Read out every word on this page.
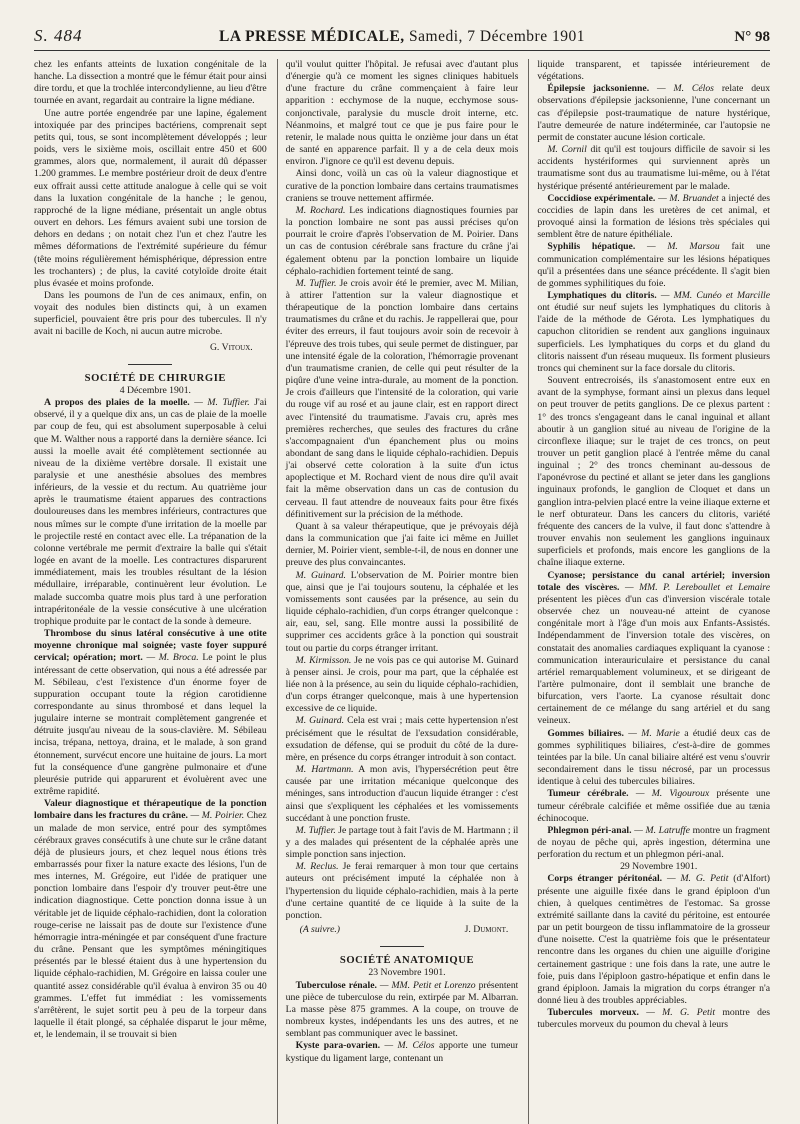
S. 484	LA PRESSE MÉDICALE, Samedi, 7 Décembre 1901	N° 98

chez les enfants atteints de luxation congénitale de la hanche. La dissection a montré que le fémur était pour ainsi dire tordu, et que la trochlée intercondylienne, au lieu d'être tournée en avant, regardait au contraire la ligne médiane.

Une autre portée engendrée par une lapine, également intoxiquée par des principes bactériens, comprenait sept petits qui, tous, se sont incomplètement développés ; leur poids, vers le sixième mois, oscillait entre 450 et 600 grammes, alors que, normalement, il aurait dû dépasser 1.200 grammes. Le membre postérieur droit de deux d'entre eux offrait aussi cette attitude analogue à celle qui se voit dans la luxation congénitale de la hanche ; le genou, rapproché de la ligne médiane, présentait un angle obtus ouvert en dehors. Les fémurs avaient subi une torsion de dehors en dedans ; on notait chez l'un et chez l'autre les mêmes déformations de l'extrémité supérieure du fémur (tête moins régulièrement hémisphérique, dépression entre les trochanters) ; de plus, la cavité cotyloïde droite était plus évasée et moins profonde.

Dans les poumons de l'un de ces animaux, enfin, on voyait des nodules bien distincts qui, à un examen superficiel, pouvaient être pris pour des tubercules. Il n'y avait ni bacille de Koch, ni aucun autre microbe.

G. Vitoux.

SOCIÉTÉ DE CHIRURGIE

4 Décembre 1901.

A propos des plaies de la moelle. — M. Tuffier. J'ai observé, il y a quelque dix ans, un cas de plaie de la moelle par coup de feu, qui est absolument superposable à celui que M. Walther nous a rapporté dans la dernière séance. Ici aussi la moelle avait été complètement sectionnée au niveau de la dixième vertèbre dorsale. Il existait une paralysie et une anesthésie absolues des membres inférieurs, de la vessie et du rectum. Au quatrième jour après le traumatisme étaient apparues des contractions douloureuses dans les membres inférieurs, contractures que nous mîmes sur le compte d'une irritation de la moelle par le projectile resté en contact avec elle. La trépanation de la colonne vertébrale me permit d'extraire la balle qui s'était logée en avant de la moelle. Les contractures disparurent immédiatement, mais les troubles résultant de la lésion médullaire, irréparable, continuèrent leur évolution. Le malade succomba quatre mois plus tard à une perforation intrapéritonéale de la vessie consécutive à une ulcération trophique produite par le contact de la sonde à demeure.

Thrombose du sinus latéral consécutive à une otite moyenne chronique mal soignée; vaste foyer suppuré cervical; opération; mort. — M. Broca. Le point le plus intéressant de cette observation, qui nous a été adressée par M. Sébileau, c'est l'existence d'un énorme foyer de suppuration occupant toute la région carotidienne correspondante au sinus thrombosé et dans lequel la jugulaire interne se montrait complètement gangrenée et détruite jusqu'au niveau de la sous-clavière. M. Sébileau incisa, trépana, nettoya, draina, et le malade, à son grand étonnement, survécut encore une huitaine de jours. La mort fut la conséquence d'une gangrène pulmonaire et d'une pleurésie putride qui apparurent et évoluèrent avec une extrême rapidité.

Valeur diagnostique et thérapeutique de la ponction lombaire dans les fractures du crâne. — M. Poirier. Chez un malade de mon service, entré pour des symptômes cérébraux graves consécutifs à une chute sur le crâne datant déjà de plusieurs jours, et chez lequel nous étions très embarrassés pour fixer la nature exacte des lésions, l'un de mes internes, M. Grégoire, eut l'idée de pratiquer une ponction lombaire dans l'espoir d'y trouver peut-être une indication diagnostique. Cette ponction donna issue à un véritable jet de liquide céphalo-rachidien, dont la coloration rouge-cerise ne laissait pas de doute sur l'existence d'une hémorragie intra-méningée et par conséquent d'une fracture du crâne. Pensant que les symptômes méningitiques présentés par le blessé étaient dus à une hypertension du liquide céphalo-rachidien, M. Grégoire en laissa couler une quantité assez considérable qu'il évalua à environ 35 ou 40 grammes. L'effet fut immédiat : les vomissements s'arrêtèrent, le sujet sortit peu à peu de la torpeur dans laquelle il était plongé, sa céphalée disparut le jour même, et, le lendemain, il se trouvait si bien

qu'il voulut quitter l'hôpital. Je refusai avec d'autant plus d'énergie qu'à ce moment les signes cliniques habituels d'une fracture du crâne commençaient à faire leur apparition : ecchymose de la nuque, ecchymose sous-conjonctivale, paralysie du muscle droit interne, etc. Néanmoins, et malgré tout ce que je pus faire pour le retenir, le malade nous quitta le onzième jour dans un état de santé en apparence parfait. Il y a de cela deux mois environ. J'ignore ce qu'il est devenu depuis.

Ainsi donc, voilà un cas où la valeur diagnostique et curative de la ponction lombaire dans certains traumatismes craniens se trouve nettement affirmée.

M. Rochard. Les indications diagnostiques fournies par la ponction lombaire ne sont pas aussi précises qu'on pourrait le croire d'après l'observation de M. Poirier. Dans un cas de contusion cérébrale sans fracture du crâne j'ai également obtenu par la ponction lombaire un liquide céphalo-rachidien fortement teinté de sang.

M. Tuffier. Je crois avoir été le premier, avec M. Milian, à attirer l'attention sur la valeur diagnostique et thérapeutique de la ponction lombaire dans certains traumatismes du crâne et du rachis. Je rappellerai que, pour éviter des erreurs, il faut toujours avoir soin de recevoir à l'épreuve des trois tubes, qui seule permet de distinguer, par une intensité égale de la coloration, l'hémorragie provenant d'un traumatisme cranien, de celle qui peut résulter de la piqûre d'une veine intra-durale, au moment de la ponction. Je crois d'ailleurs que l'intensité de la coloration, qui varie du rouge vif au rosé et au jaune clair, est en rapport direct avec l'intensité du traumatisme. J'avais cru, après mes premières recherches, que seules des fractures du crâne s'accompagnaient d'un épanchement plus ou moins abondant de sang dans le liquide céphalo-rachidien. Depuis j'ai observé cette coloration à la suite d'un ictus apoplectique et M. Rochard vient de nous dire qu'il avait fait la même observation dans un cas de contusion du cerveau. Il faut attendre de nouveaux faits pour être fixés définitivement sur la précision de la méthode.

Quant à sa valeur thérapeutique, que je prévoyais déjà dans la communication que j'ai faite ici même en Juillet dernier, M. Poirier vient, semble-t-il, de nous en donner une preuve des plus convaincantes.

M. Guinard. L'observation de M. Poirier montre bien que, ainsi que je l'ai toujours soutenu, la céphalée et les vomissements sont causées par la présence, au sein du liquide céphalo-rachidien, d'un corps étranger quelconque : air, eau, sel, sang. Elle montre aussi la possibilité de supprimer ces accidents grâce à la ponction qui soustrait tout ou partie du corps étranger irritant.

M. Kirmisson. Je ne vois pas ce qui autorise M. Guinard à penser ainsi. Je crois, pour ma part, que la céphalée est liée non à la présence, au sein du liquide céphalo-rachidien, d'un corps étranger quelconque, mais à une hypertension excessive de ce liquide.

M. Guinard. Cela est vrai ; mais cette hypertension n'est précisément que le résultat de l'exsudation considérable, exsudation de défense, qui se produit du côté de la dure-mère, en présence du corps étranger introduit à son contact.

M. Hartmann. A mon avis, l'hypersécrétion peut être causée par une irritation mécanique quelconque des méninges, sans introduction d'aucun liquide étranger : c'est ainsi que s'expliquent les céphalées et les vomissements succédant à une ponction fruste.

M. Tuffier. Je partage tout à fait l'avis de M. Hartmann ; il y a des malades qui présentent de la céphalée après une simple ponction sans injection.

M. Reclus. Je ferai remarquer à mon tour que certains auteurs ont précisément imputé la céphalée non à l'hypertension du liquide céphalo-rachidien, mais à la perte d'une certaine quantité de ce liquide à la suite de la ponction.

(A suivre.)	J. Dumont.

SOCIÉTÉ ANATOMIQUE

23 Novembre 1901.

Tuberculose rénale. — MM. Petit et Lorenzo présentent une pièce de tuberculose du rein, extirpée par M. Albarran. La masse pèse 875 grammes. A la coupe, on trouve de nombreux kystes, indépendants les uns des autres, et ne semblant pas communiquer avec le bassinet.

Kyste para-ovarien. — M. Célos apporte une tumeur kystique du ligament large, contenant un

liquide transparent, et tapissée intérieurement de végétations.

Épilepsie jacksonienne. — M. Célos relate deux observations d'épilepsie jacksonienne, l'une concernant un cas d'épilepsie post-traumatique de nature hystérique, l'autre demeurée de nature indéterminée, car l'autopsie ne permit de constater aucune lésion corticale.

M. Cornil dit qu'il est toujours difficile de savoir si les accidents hystériformes qui surviennent après un traumatisme sont dus au traumatisme lui-même, ou à l'état hystérique présenté antérieurement par le malade.

Coccidiose expérimentale. — M. Bruandet a injecté des coccidies de lapin dans les uretères de cet animal, et provoqué ainsi la formation de lésions très spéciales qui semblent être de nature épithéliale.

Syphilis hépatique. — M. Marsou fait une communication complémentaire sur les lésions hépatiques qu'il a présentées dans une séance précédente. Il s'agit bien de gommes syphilitiques du foie.

Lymphatiques du clitoris. — MM. Cunéo et Marcille ont étudié sur neuf sujets les lymphatiques du clitoris à l'aide de la méthode de Gérota. Les lymphatiques du capuchon clitoridien se rendent aux ganglions inguinaux superficiels. Les lymphatiques du corps et du gland du clitoris naissent d'un réseau muqueux. Ils forment plusieurs troncs qui cheminent sur la face dorsale du clitoris.

Souvent entrecroisés, ils s'anastomosent entre eux en avant de la symphyse, formant ainsi un plexus dans lequel on peut trouver de petits ganglions. De ce plexus partent : 1° des troncs s'engageant dans le canal inguinal et allant aboutir à un ganglion situé au niveau de l'origine de la circonflexe iliaque; sur le trajet de ces troncs, on peut trouver un petit ganglion placé à l'entrée même du canal inguinal ; 2° des troncs cheminant au-dessous de l'aponévrose du pectiné et allant se jeter dans les ganglions inguinaux profonds, le ganglion de Cloquet et dans un ganglion intra-pelvien placé entre la veine iliaque externe et le nerf obturateur. Dans les cancers du clitoris, variété fréquente des cancers de la vulve, il faut donc s'attendre à trouver envahis non seulement les ganglions inguinaux superficiels et profonds, mais encore les ganglions de la chaîne iliaque externe.

Cyanose; persistance du canal artériel; inversion totale des viscères. — MM. P. Lereboullet et Lemaire présentent les pièces d'un cas d'inversion viscérale totale observée chez un nouveau-né atteint de cyanose congénitale mort à l'âge d'un mois aux Enfants-Assistés. Indépendamment de l'inversion totale des viscères, on constatait des anomalies cardiaques expliquant la cyanose : communication interauriculaire et persistance du canal artériel remarquablement volumineux, et se dirigeant de l'artère pulmonaire, dont il semblait une branche de bifurcation, vers l'aorte. La cyanose résultait donc certainement de ce mélange du sang artériel et du sang veineux.

Gommes biliaires. — M. Marie a étudié deux cas de gommes syphilitiques biliaires, c'est-à-dire de gommes teintées par la bile. Un canal biliaire altéré est venu s'ouvrir secondairement dans le tissu nécrosé, par un processus identique à celui des tubercules biliaires.

Tumeur cérébrale. — M. Vigouroux présente une tumeur cérébrale calcifiée et même ossifiée due au tænia échinocoque.

Phlegmon péri-anal. — M. Latruffe montre un fragment de noyau de pêche qui, après ingestion, détermina une perforation du rectum et un phlegmon péri-anal.

29 Novembre 1901.

Corps étranger péritonéal. — M. G. Petit (d'Alfort) présente une aiguille fixée dans le grand épiploon d'un chien, à quelques centimètres de l'estomac. Sa grosse extrémité saillante dans la cavité du péritoine, est entourée par un petit bourgeon de tissu inflammatoire de la grosseur d'une noisette. C'est la quatrième fois que le présentateur rencontre dans les organes du chien une aiguille d'origine certainement gastrique : une fois dans la rate, une autre le foie, puis dans l'épiploon gastro-hépatique et enfin dans le grand épiploon. Jamais la migration du corps étranger n'a donné lieu à des troubles appréciables.

Tubercules morveux. — M. G. Petit montre des tubercules morveux du poumon du cheval à leurs
